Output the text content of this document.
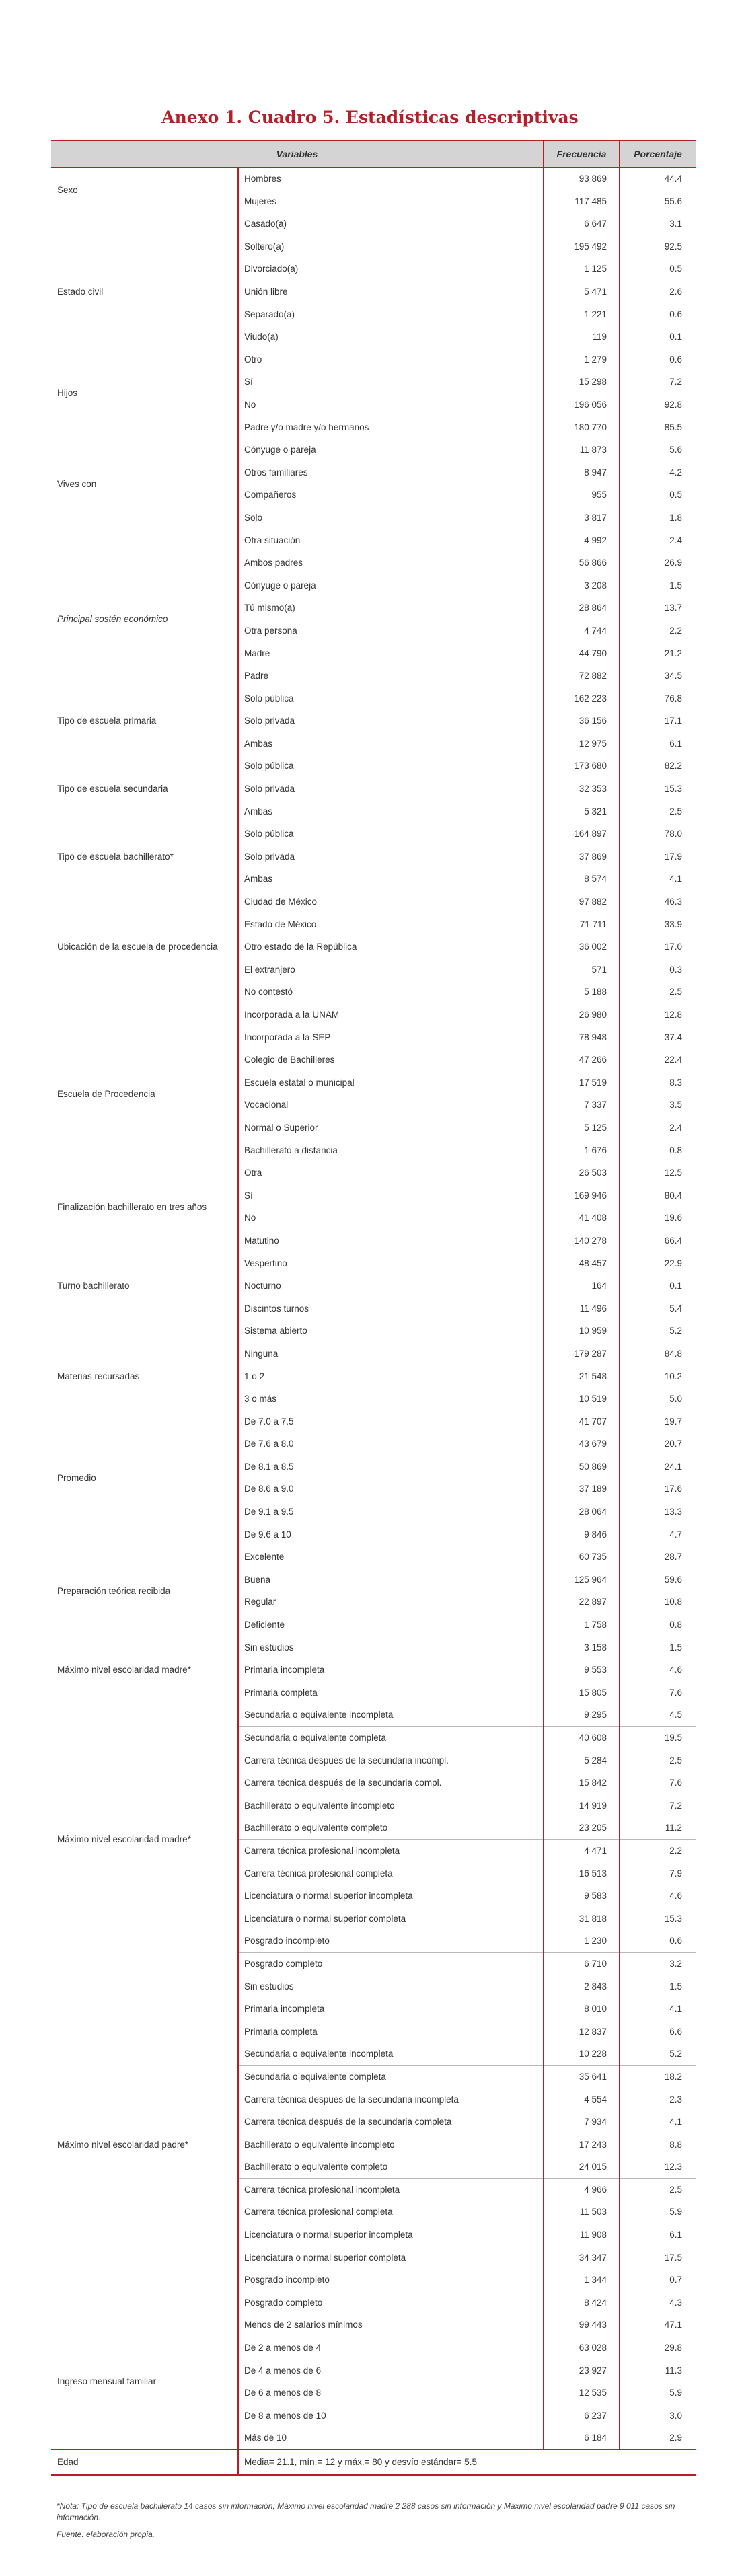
Anexo 1. Cuadro 5. Estadísticas descriptivas
Variables		Frecuencia	Porcentaje
Sexo	Hombres	93 869	44.4
	Mujeres	117 485	55.6
Estado civil	Casado(a)	6 647	3.1
	Soltero(a)	195 492	92.5
	Divorciado(a)	1 125	0.5
	Unión libre	5 471	2.6
	Separado(a)	1 221	0.6
	Viudo(a)	119	0.1
	Otro	1 279	0.6
Hijos	Sí	15 298	7.2
	No	196 056	92.8
Vives con	Padre y/o madre y/o hermanos	180 770	85.5
	Cónyuge o pareja	11 873	5.6
	Otros familiares	8 947	4.2
	Compañeros	955	0.5
	Solo	3 817	1.8
	Otra situación	4 992	2.4
Principal sostén económico	Ambos padres	56 866	26.9
	Cónyuge o pareja	3 208	1.5
	Tú mismo(a)	28 864	13.7
	Otra persona	4 744	2.2
	Madre	44 790	21.2
	Padre	72 882	34.5
Tipo de escuela primaria	Solo pública	162 223	76.8
	Solo privada	36 156	17.1
	Ambas	12 975	6.1
Tipo de escuela secundaria	Solo pública	173 680	82.2
	Solo privada	32 353	15.3
	Ambas	5 321	2.5
Tipo de escuela bachillerato*	Solo pública	164 897	78.0
	Solo privada	37 869	17.9
	Ambas	8 574	4.1
Ubicación de la escuela de procedencia	Ciudad de México	97 882	46.3
	Estado de México	71 711	33.9
	Otro estado de la República	36 002	17.0
	El extranjero	571	0.3
	No contestó	5 188	2.5
Escuela de Procedencia	Incorporada a la UNAM	26 980	12.8
	Incorporada a la SEP	78 948	37.4
	Colegio de Bachilleres	47 266	22.4
	Escuela estatal o municipal	17 519	8.3
	Vocacional	7 337	3.5
	Normal o Superior	5 125	2.4
	Bachillerato a distancia	1 676	0.8
	Otra	26 503	12.5
Finalización bachillerato en tres años	Sí	169 946	80.4
	No	41 408	19.6
Turno bachillerato	Matutino	140 278	66.4
	Vespertino	48 457	22.9
	Nocturno	164	0.1
	Discintos turnos	11 496	5.4
	Sistema abierto	10 959	5.2
Materias recursadas	Ninguna	179 287	84.8
	1 o 2	21 548	10.2
	3 o más	10 519	5.0
Promedio	De 7.0 a 7.5	41 707	19.7
	De 7.6 a 8.0	43 679	20.7
	De 8.1 a 8.5	50 869	24.1
	De 8.6 a 9.0	37 189	17.6
	De 9.1 a 9.5	28 064	13.3
	De 9.6 a 10	9 846	4.7
Preparación teórica recibida	Excelente	60 735	28.7
	Buena	125 964	59.6
	Regular	22 897	10.8
	Deficiente	1 758	0.8
Máximo nivel escolaridad madre*	Sin estudios	3 158	1.5
	Primaria incompleta	9 553	4.6
	Primaria completa	15 805	7.6
Máximo nivel escolaridad madre*	Secundaria o equivalente incompleta	9 295	4.5
	Secundaria o equivalente completa	40 608	19.5
	Carrera técnica después de la secundaria incompl.	5 284	2.5
	Carrera técnica después de la secundaria compl.	15 842	7.6
	Bachillerato o equivalente incompleto	14 919	7.2
	Bachillerato o equivalente completo	23 205	11.2
	Carrera técnica profesional incompleta	4 471	2.2
	Carrera técnica profesional completa	16 513	7.9
	Licenciatura o normal superior incompleta	9 583	4.6
	Licenciatura o normal superior completa	31 818	15.3
	Posgrado incompleto	1 230	0.6
	Posgrado completo	6 710	3.2
Máximo nivel escolaridad padre*	Sin estudios	2 843	1.5
	Primaria incompleta	8 010	4.1
	Primaria completa	12 837	6.6
	Secundaria o equivalente incompleta	10 228	5.2
	Secundaria o equivalente completa	35 641	18.2
	Carrera técnica después de la secundaria incompleta	4 554	2.3
	Carrera técnica después de la secundaria completa	7 934	4.1
	Bachillerato o equivalente incompleto	17 243	8.8
	Bachillerato o equivalente completo	24 015	12.3
	Carrera técnica profesional incompleta	4 966	2.5
	Carrera técnica profesional completa	11 503	5.9
	Licenciatura o normal superior incompleta	11 908	6.1
	Licenciatura o normal superior completa	34 347	17.5
	Posgrado incompleto	1 344	0.7
	Posgrado completo	8 424	4.3
Ingreso mensual familiar	Menos de 2 salarios mínimos	99 443	47.1
	De 2 a menos de 4	63 028	29.8
	De 4 a menos de 6	23 927	11.3
	De 6 a menos de 8	12 535	5.9
	De 8 a menos de 10	6 237	3.0
	Más de 10	6 184	2.9
Edad	Media= 21.1, mín.= 12 y máx.= 80 y desvío estándar= 5.5		

*Nota: Tipo de escuela bachillerato 14 casos sin información; Máximo nivel escolaridad madre 2 288 casos sin información y Máximo nivel escolaridad padre 9 011 casos sin información.

Fuente: elaboración propia.
